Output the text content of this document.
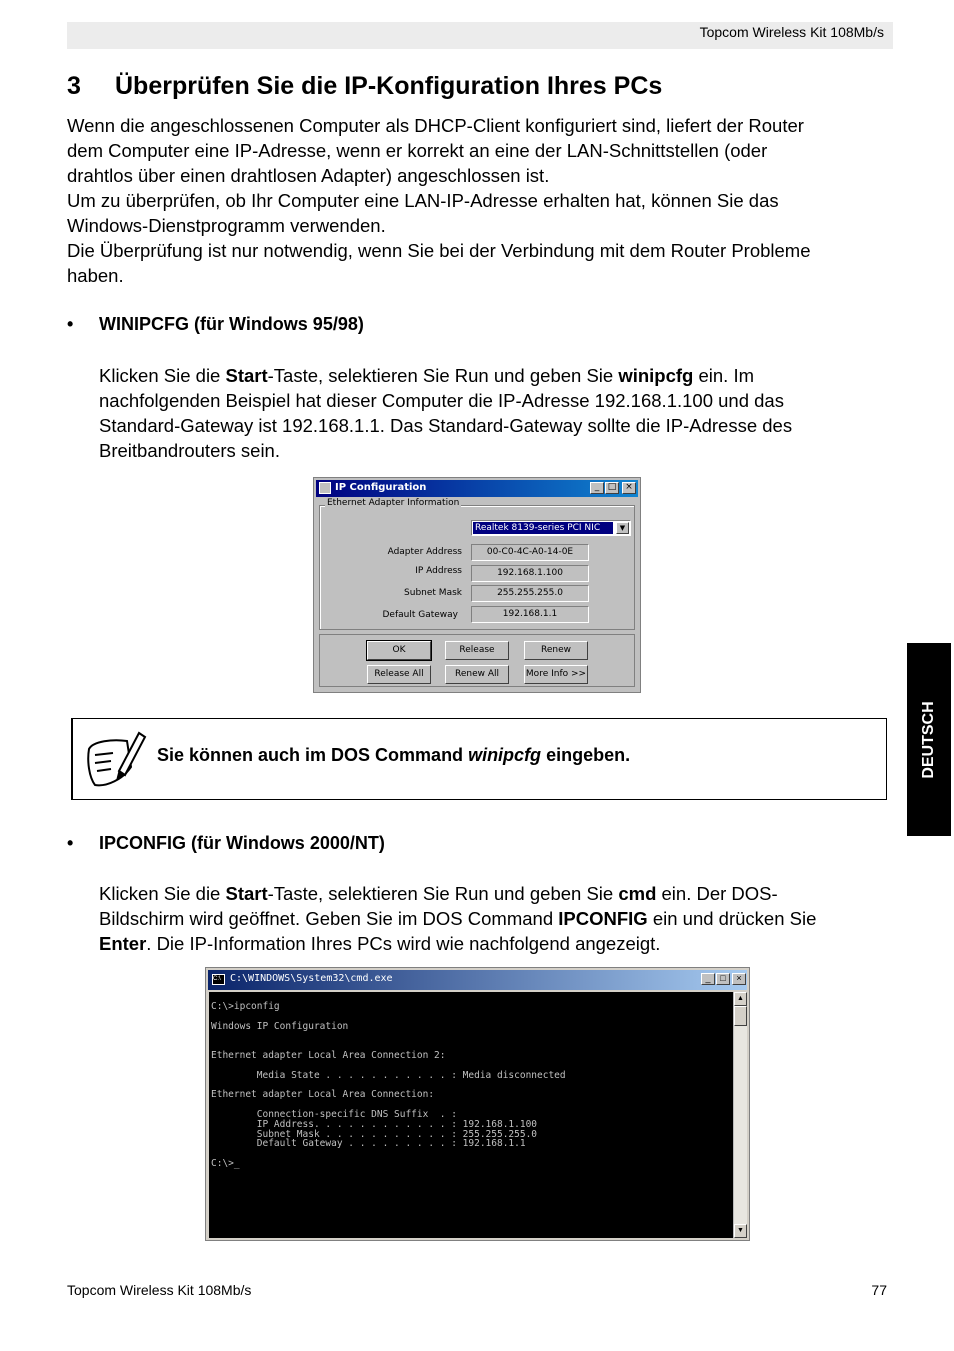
Topcom Wireless Kit 108Mb/s
3 Überprüfen Sie die IP-Konfiguration Ihres PCs
Wenn die angeschlossenen Computer als DHCP-Client konfiguriert sind, liefert der Router
dem Computer eine IP-Adresse, wenn er korrekt an eine der LAN-Schnittstellen (oder
drahtlos über einen drahtlosen Adapter) angeschlossen ist.
Um zu überprüfen, ob Ihr Computer eine LAN-IP-Adresse erhalten hat, können Sie das
Windows-Dienstprogramm verwenden.
Die Überprüfung ist nur notwendig, wenn Sie bei der Verbindung mit dem Router Probleme
haben.
• WINIPCFG (für Windows 95/98)
Klicken Sie die Start-Taste, selektieren Sie Run und geben Sie winipcfg ein. Im
nachfolgenden Beispiel hat dieser Computer die IP-Adresse 192.168.1.100 und das
Standard-Gateway ist 192.168.1.1. Das Standard-Gateway sollte die IP-Adresse des
Breitbandrouters sein.
IP Configuration	_ □ ×
Ethernet Adapter Information
Realtek 8139-series PCI NIC	▼
Adapter Address	00-C0-4C-A0-14-0E
IP Address	192.168.1.100
Subnet Mask	255.255.255.0
Default Gateway	192.168.1.1
OK	Release	Renew
Release All	Renew All	More Info >>
Sie können auch im DOS Command winipcfg eingeben.	DEUTSCH
• IPCONFIG (für Windows 2000/NT)
Klicken Sie die Start-Taste, selektieren Sie Run und geben Sie cmd ein. Der DOS-
Bildschirm wird geöffnet. Geben Sie im DOS Command IPCONFIG ein und drücken Sie
Enter. Die IP-Information Ihres PCs wird wie nachfolgend angezeigt.
C:\ C:\WINDOWS\System32\cmd.exe	_	□	×
C:\>ipconfig
Windows IP Configuration
Ethernet adapter Local Area Connection 2:
Media State . . . . . . . . . . . : Media disconnected
Ethernet adapter Local Area Connection:
Connection-specific DNS Suffix  . :
IP Address. . . . . . . . . . . . : 192.168.1.100
Subnet Mask . . . . . . . . . . . : 255.255.255.0
Default Gateway . . . . . . . . . : 192.168.1.1
C:\>_
▲
▼
Topcom Wireless Kit 108Mb/s	77
